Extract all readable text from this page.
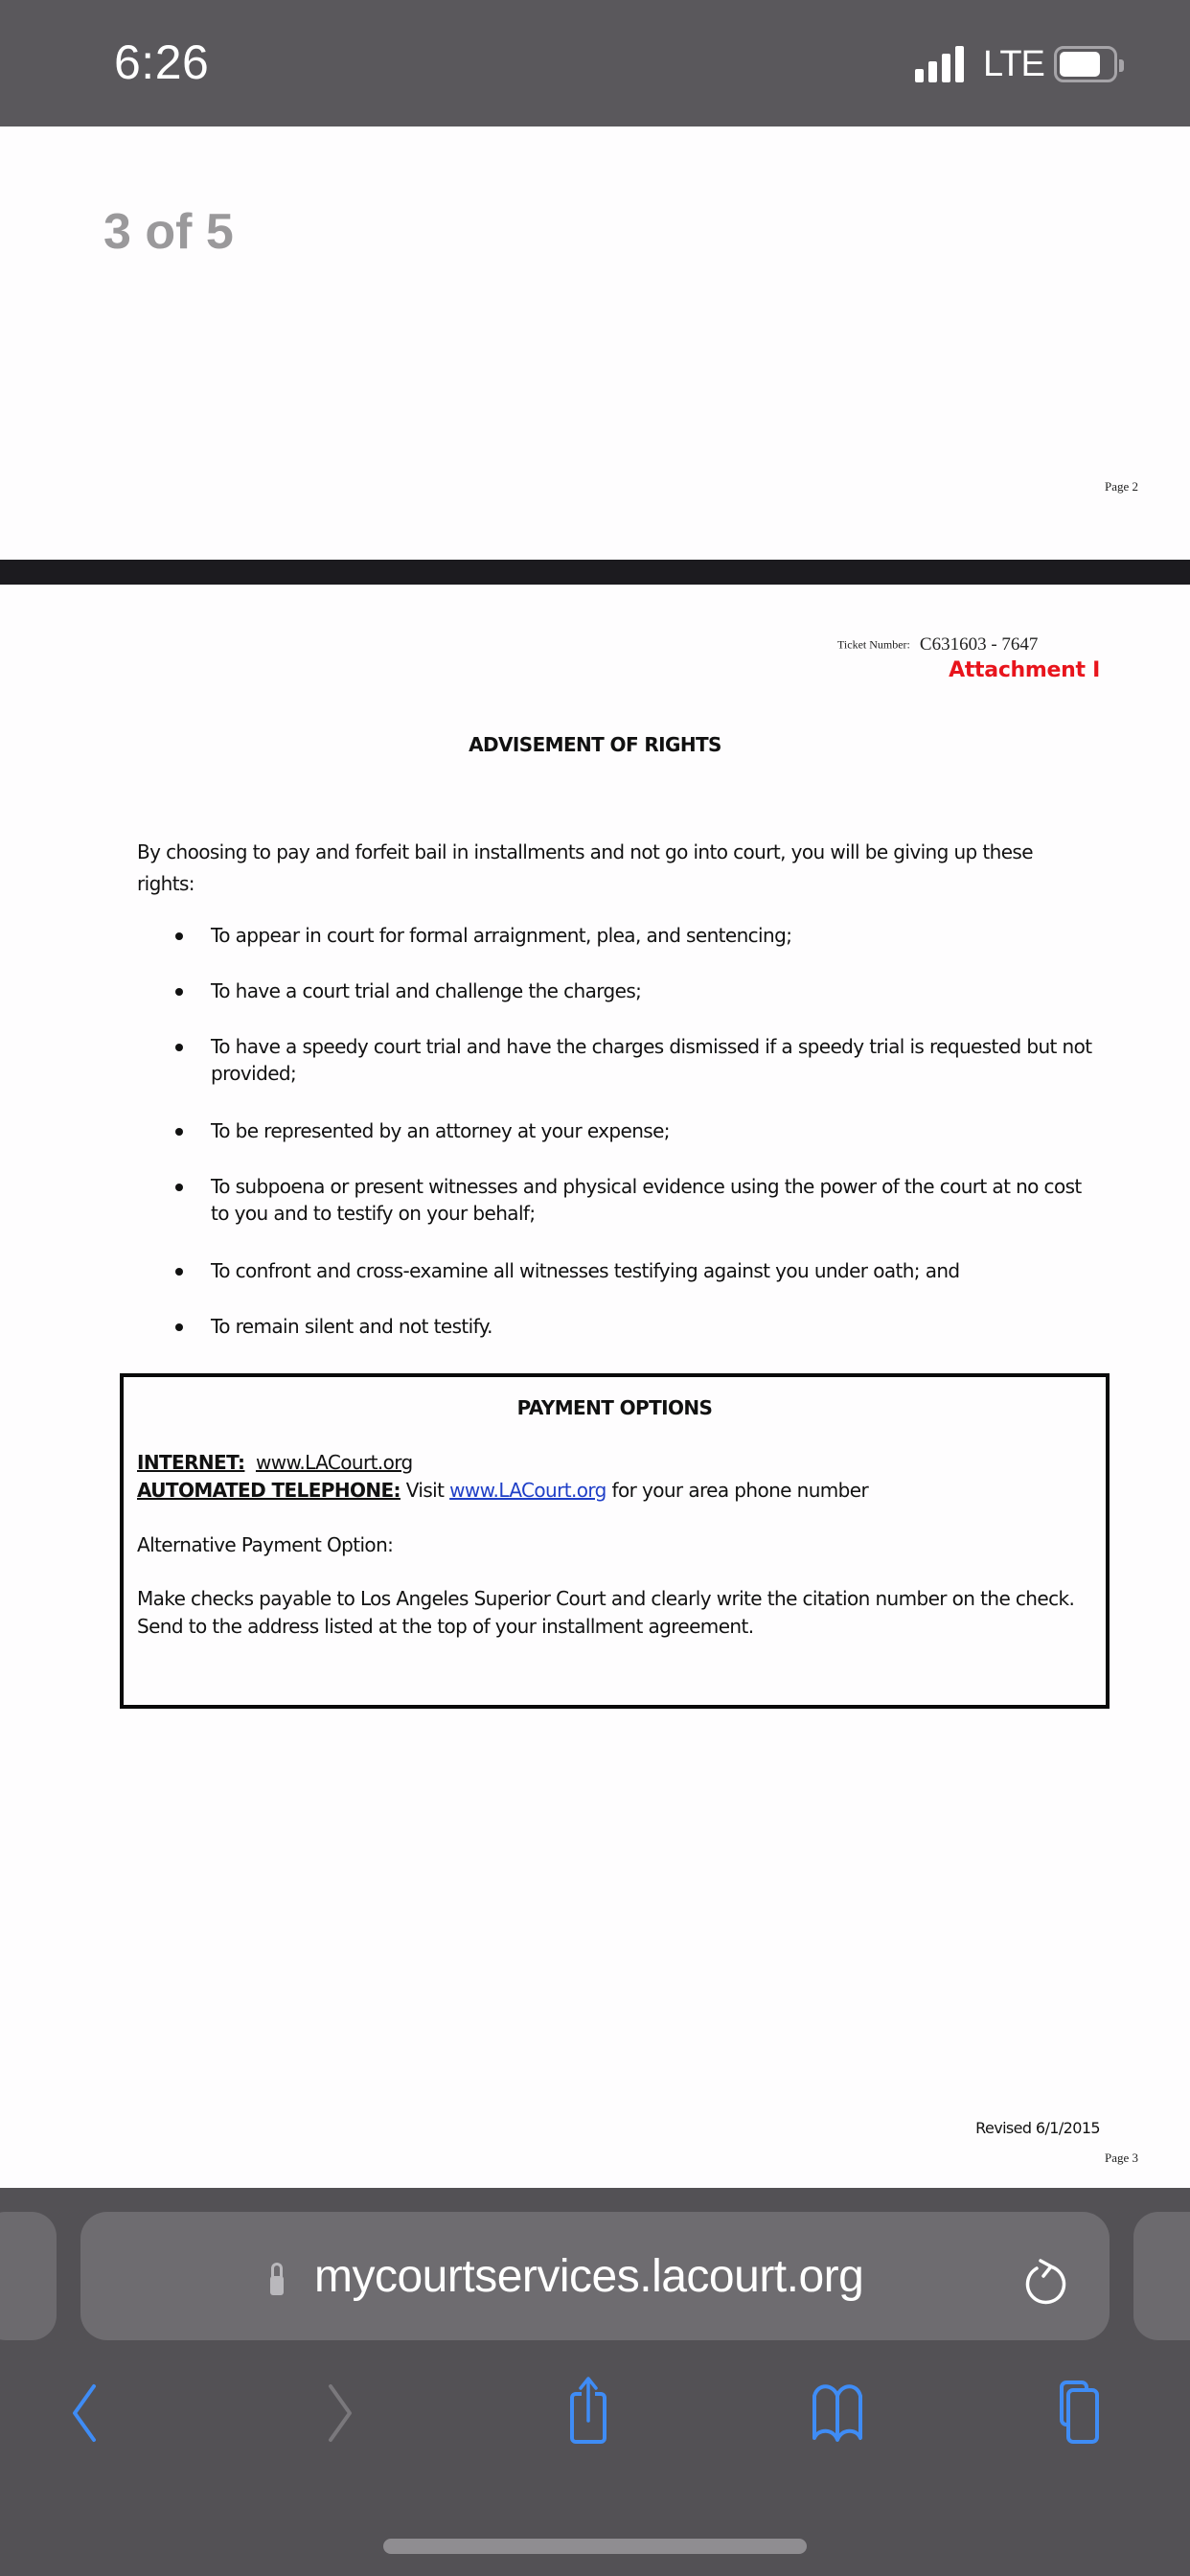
6:26	LTE
3 of 5
Page 2
Ticket Number: C631603 - 7647
Attachment I
ADVISEMENT OF RIGHTS
By choosing to pay and forfeit bail in installments and not go into court, you will be giving up these rights:
To appear in court for formal arraignment, plea, and sentencing;
To have a court trial and challenge the charges;
To have a speedy court trial and have the charges dismissed if a speedy trial is requested but not provided;
To be represented by an attorney at your expense;
To subpoena or present witnesses and physical evidence using the power of the court at no cost to you and to testify on your behalf;
To confront and cross-examine all witnesses testifying against you under oath; and
To remain silent and not testify.
PAYMENT OPTIONS
INTERNET: www.LACourt.org
AUTOMATED TELEPHONE: Visit www.LACourt.org for your area phone number
Alternative Payment Option:
Make checks payable to Los Angeles Superior Court and clearly write the citation number on the check.
Send to the address listed at the top of your installment agreement.
Revised 6/1/2015
Page 3
mycourtservices.lacourt.org
